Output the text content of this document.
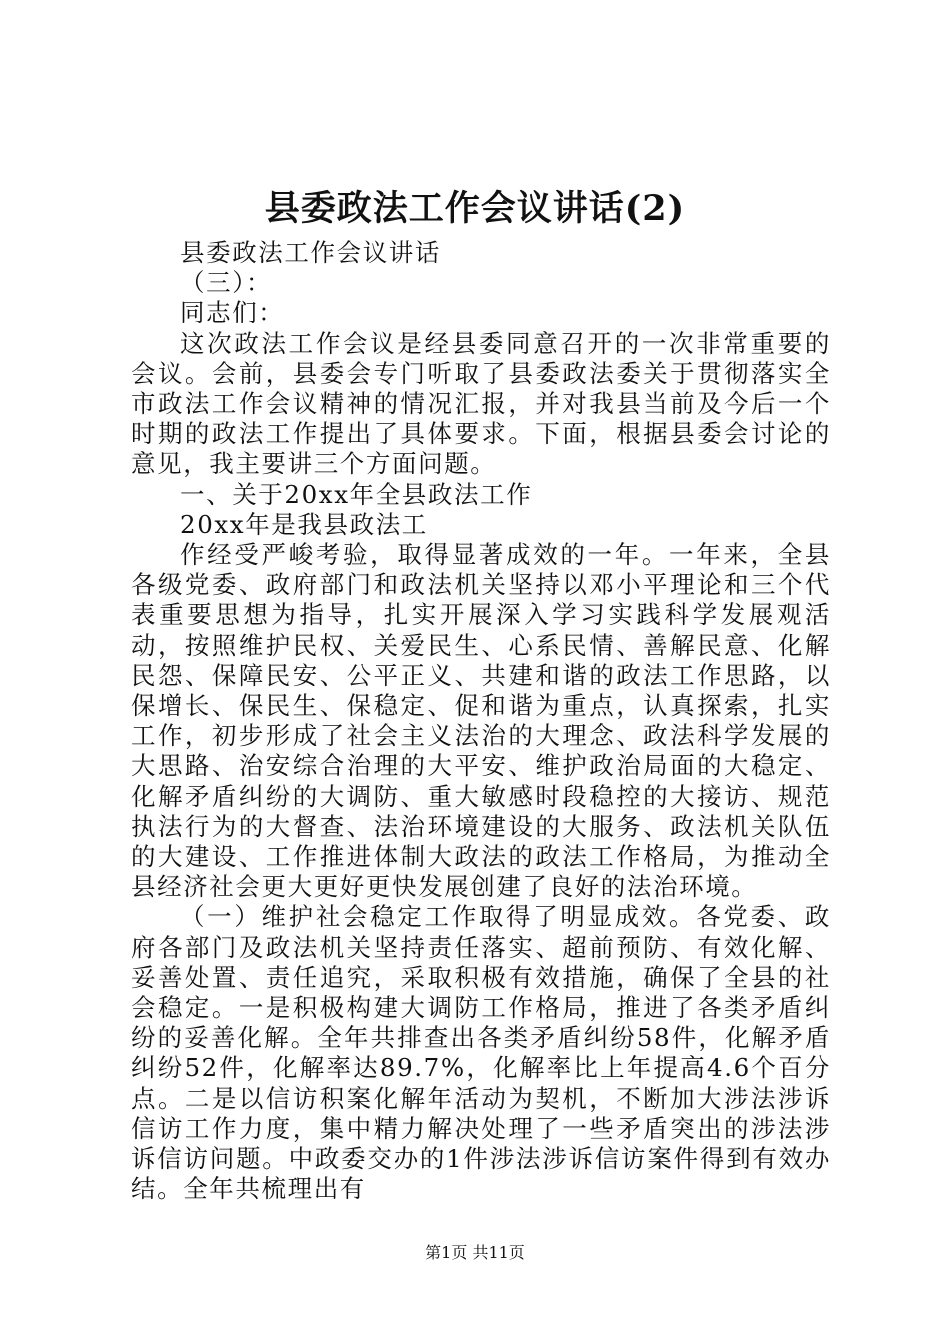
县委政法工作会议讲话(2)

县委政法工作会议讲话

（三）：

同志们：

这次政法工作会议是经县委同意召开的一次非常重要的会议。会前，县委会专门听取了县委政法委关于贯彻落实全市政法工作会议精神的情况汇报，并对我县当前及今后一个时期的政法工作提出了具体要求。下面，根据县委会讨论的意见，我主要讲三个方面问题。

一、关于20xx年全县政法工作

20xx年是我县政法工

作经受严峻考验，取得显著成效的一年。一年来，全县各级党委、政府部门和政法机关坚持以邓小平理论和三个代表重要思想为指导，扎实开展深入学习实践科学发展观活动，按照维护民权、关爱民生、心系民情、善解民意、化解民怨、保障民安、公平正义、共建和谐的政法工作思路，以保增长、保民生、保稳定、促和谐为重点，认真探索，扎实工作，初步形成了社会主义法治的大理念、政法科学发展的大思路、治安综合治理的大平安、维护政治局面的大稳定、化解矛盾纠纷的大调防、重大敏感时段稳控的大接访、规范执法行为的大督查、法治环境建设的大服务、政法机关队伍的大建设、工作推进体制大政法的政法工作格局，为推动全县经济社会更大更好更快发展创建了良好的法治环境。

（一）维护社会稳定工作取得了明显成效。各党委、政府各部门及政法机关坚持责任落实、超前预防、有效化解、妥善处置、责任追究，采取积极有效措施，确保了全县的社会稳定。一是积极构建大调防工作格局，推进了各类矛盾纠纷的妥善化解。全年共排查出各类矛盾纠纷58件，化解矛盾纠纷52件，化解率达89.7%，化解率比上年提高4.6个百分点。二是以信访积案化解年活动为契机，不断加大涉法涉诉信访工作力度，集中精力解决处理了一些矛盾突出的涉法涉诉信访问题。中政委交办的1件涉法涉诉信访案件得到有效办结。全年共梳理出有

第1页 共11页
